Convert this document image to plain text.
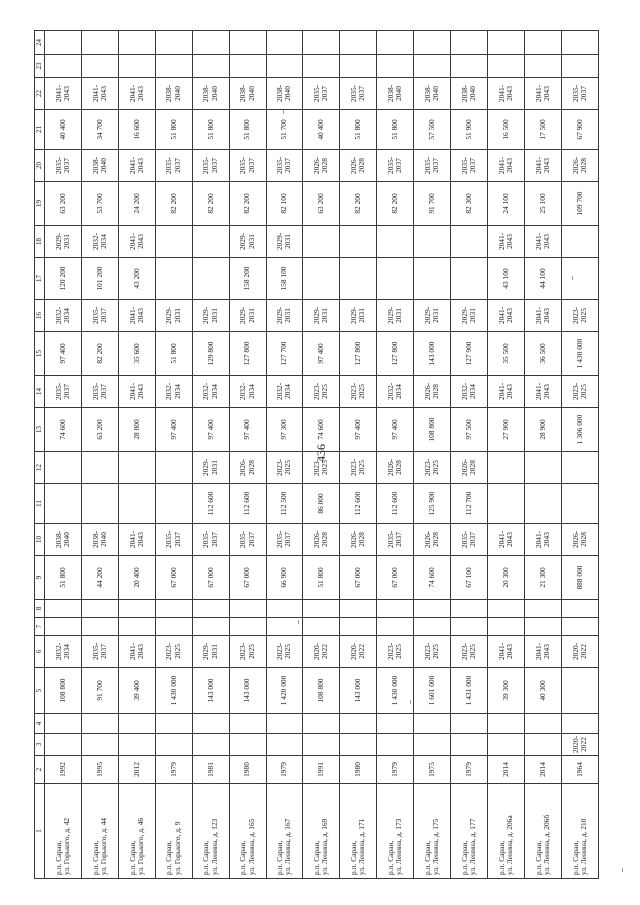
436
1	2	3	4	5	6	7	8	9	10	11	12	13	14	15	16	17	18	19	20	21	22	23	24

р.п. Сараи, ул. Горького, д. 42	1992			108 800	2032-2034			51 800	2038-2040			74 600	2035-2037	97 400	2032-2034	120 200	2029-2031	63 200	2035-2037	40 400	2041-2043		

р.п. Сараи, ул. Горького, д. 44	1995			91 700	2035-2037			44 200	2038-2040			63 200	2035-2037	82 200	2035-2037	101 200	2032-2034	53 700	2038-2040	34 700	2041-2043		

р.п. Сараи, ул. Горького, д. 46	2012			39 400	2041-2043			20 400	2041-2043			28 000	2041-2043	35 600	2041-2043	43 200	2041-2043	24 200	2041-2043	16 600	2041-2043		

р.п. Сараи, ул. Горького, д. 9	1979			1 430 000	2023-2025			67 000	2035-2037			97 400	2032-2034	51 800	2029-2031			82 200	2035-2037	51 800	2038-2040		

р.п. Сараи, ул. Ленина, д. 123	1981			143 000	2029-2031			67 000	2035-2037	112 600	2029-2031	97 400	2032-2034	129 800	2029-2031			82 200	2035-2037	51 800	2038-2040		

р.п. Сараи, ул. Ленина, д. 165	1980			143 000	2023-2025			67 000	2035-2037	112 600	2026-2028	97 400	2032-2034	127 800	2029-2031	158 200	2029-2031	82 200	2035-2037	51 800	2038-2040		

р.п. Сараи, ул. Ленина, д. 167	1979			1 420 000	2023-2025			66 900	2035-2037	112 500	2023-2025	97 300	2032-2034	127 700	2029-2031	158 100	2029-2031	82 100	2035-2037	51 700	2038-2040		

р.п. Сараи, ул. Ленина, д. 169	1991			108 800	2020-2022			51 800	2026-2028	86 000	2023-2025	74 600	2023-2025	97 400	2029-2031			63 200	2026-2028	40 400	2035-2037		

р.п. Сараи, ул. Ленина, д. 171	1980			143 000	2020-2022			67 000	2026-2028	112 600	2023-2025	97 400	2023-2025	127 800	2029-2031			82 200	2026-2028	51 800	2035-2037		

р.п. Сараи, ул. Ленина, д. 173	1979			1 430 000	2023-2025			67 000	2035-2037	112 600	2026-2028	97 400	2032-2034	127 800	2029-2031			82 200	2035-2037	51 800	2038-2040		

р.п. Сараи, ул. Ленина, д. 175	1975			1 601 000	2023-2025			74 600	2026-2028	125 900	2023-2025	108 800	2026-2028	143 000	2029-2031			91 700	2035-2037	57 500	2038-2040		

р.п. Сараи, ул. Ленина, д. 177	1979			1 431 000	2023-2025			67 100	2035-2037	112 700	2026-2028	97 500	2032-2034	127 900	2029-2031			82 300	2035-2037	51 900	2038-2040		

р.п. Сараи, ул. Ленина, д. 206а	2014			39 300	2041-2043			20 300	2041-2043			27 900	2041-2043	35 500	2041-2043	43 100	2041-2043	24 100	2041-2043	16 500	2041-2043		

р.п. Сараи, ул. Ленина, д. 206б	2014			40 300	2041-2043			21 300	2041-2043			28 900	2041-2043	36 500	2041-2043	44 100	2041-2043	25 100	2041-2043	17 500	2041-2043		

р.п. Сараи, ул. Ленина, д. 210	1964	2020-2022			2020-2022			888 000	2026-2028			1 306 000	2023-2025	1 430 000	2023-2025			109 700	2026-2028	67 900	2035-2037		
